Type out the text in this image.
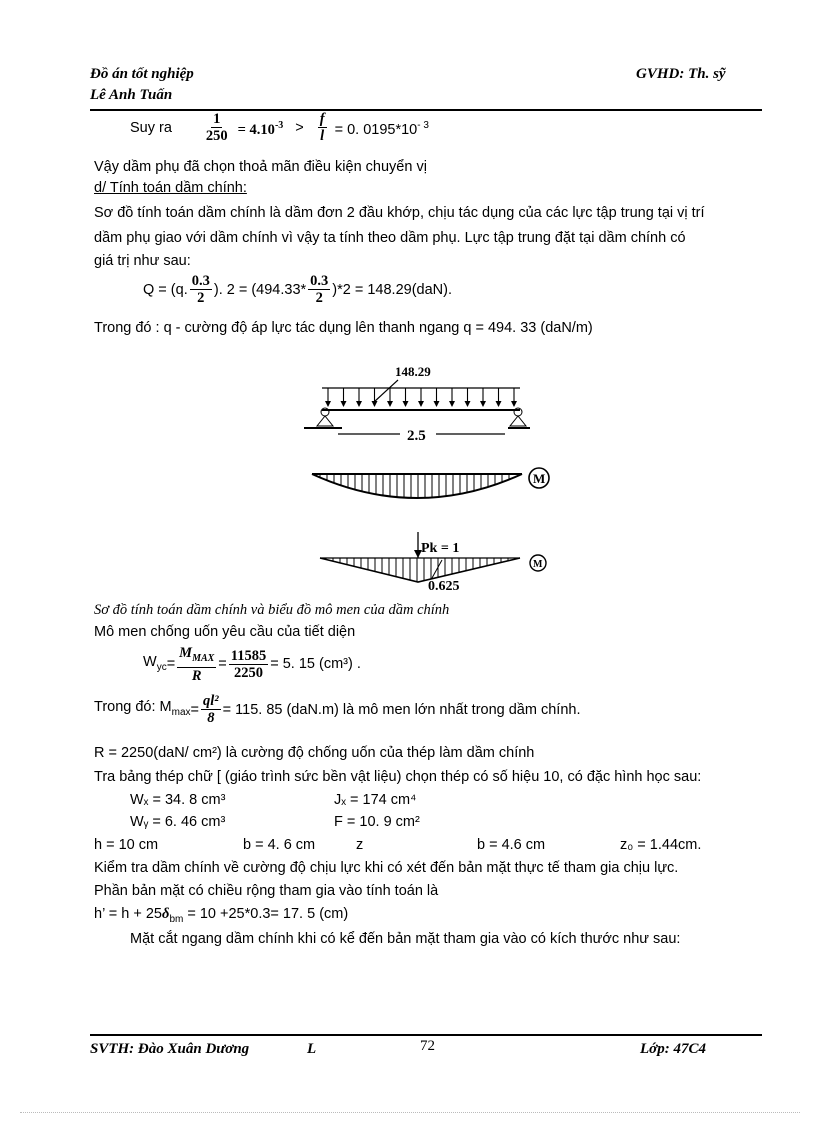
Đồ án tốt nghiệp
Lê Anh Tuấn
GVHD: Th. sỹ
Suy ra $\frac{1}{250} = 4.10^{-3} > \frac{f}{l} = 0$. $0195*10^{- 3}$
Vậy dầm phụ đã chọn thoả mãn điều kiện chuyển vị
d/ Tính toán dầm chính:
Sơ đồ tính toán dầm chính là dầm đơn 2 đầu khớp, chịu tác dụng của các lực tập trung tại vị trí
dầm phụ giao với dầm chính vì vậy ta tính theo dầm phụ. Lực tập trung đặt tại dầm chính có
giá trị như sau:
Q = (q. $\frac{0.3}{2}$ ). $2 = (494.33* \frac{0.3}{2} )*2 = 148.29(daN)$.
Trong đó : q - cường độ áp lực tác dụng lên thanh ngang q = 494. 33 (daN/m)
148.29
2.5
M
Pk = 1
0.625
M
Sơ đồ tính toán dầm chính và biểu đồ mô men của dầm chính
Mô men chống uốn yêu cầu của tiết diện
$W_{yc} = \frac{M_{MAX}}{R} = \frac{11585}{2250} = 5$. 15 (cm³) .
Trong đó: $M_{max} = \frac{\text{ql²}}{8} = 115$. 85 (daN.m) là mô men lớn nhất trong dầm chính.
R = 2250(daN/ cm²) là cường độ chống uốn của thép làm dầm chính
Tra bảng thép chữ [ (giáo trình sức bền vật liệu) chọn thép có số hiệu 10, có đặc hình học sau:
Wₓ = 34. 8 cm³	Jₓ = 174 cm⁴
Wᵧ = 6. 46 cm³	F = 10. 9 cm²
h = 10 cm	b = 4. 6 cm	z	b = 4.6 cm	z₀ = 1.44cm.
Kiểm tra dầm chính về cường độ chịu lực khi có xét đến bản mặt thực tế tham gia chịu lực.
Phần bản mặt có chiều rộng tham gia vào tính toán là
h’ = $h + 25\delta_{bm} = 10 +25*0.3= 17$. 5 (cm)
Mặt cắt ngang dầm chính khi có kể đến bản mặt tham gia vào có kích thước như sau:
SVTH: Đào Xuân Dương	L	72	Lớp: 47C4
